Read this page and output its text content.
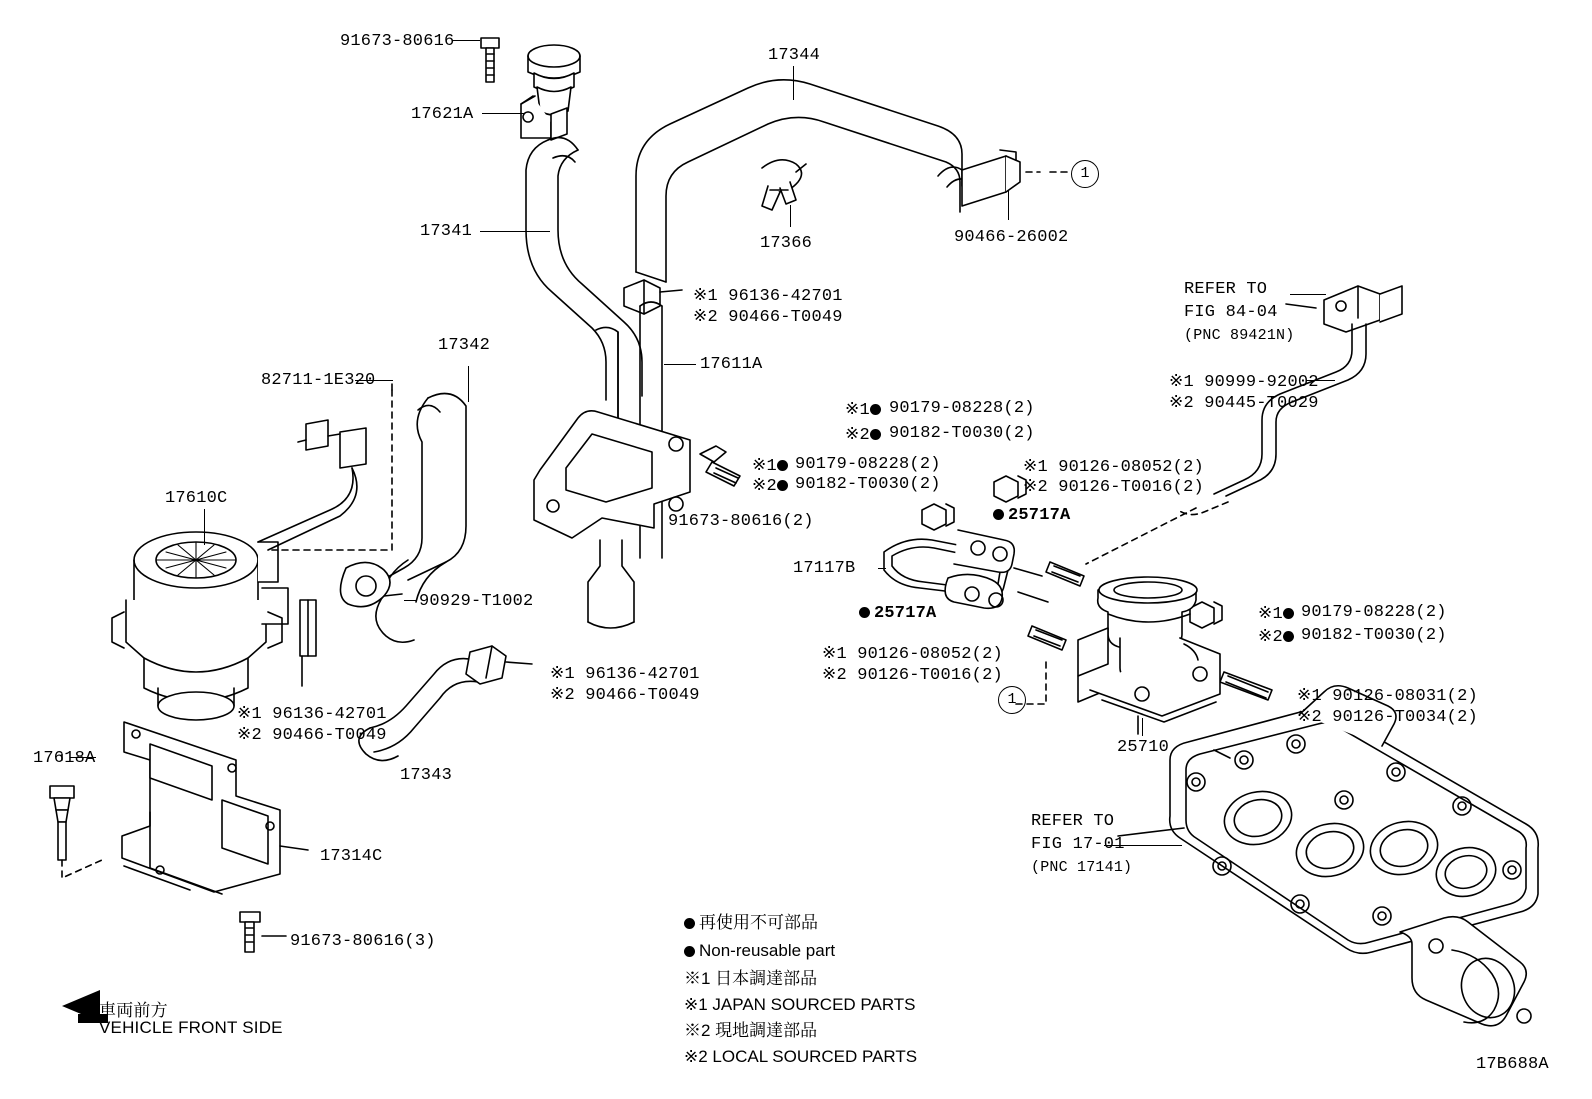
91673-80616
17621A
17344
17341
17366	90466-26002
※1 96136-42701
※2 90466-T0049
17342
17611A
82711-1E320
REFER TO
FIG 84-04
(PNC 89421N)
※1 90999-92002
※2 90445-T0029
※1	90179-08228(2)
※2	90182-T0030(2)
※1	90179-08228(2)
※2	90182-T0030(2)
※1 90126-08052(2)
※2 90126-T0016(2)
17610C
91673-80616(2)	25717A
17117B
90929-T1002
25717A	※1	90179-08228(2)
※2	90182-T0030(2)
※1 90126-08052(2)
※2 90126-T0016(2)
※1 96136-42701
※2 90466-T0049	※1 90126-08031(2)
※2 90126-T0034(2)
※1 96136-42701
※2 90466-T0049
25710
17618A
17343
REFER TO
FIG 17-01
(PNC 17141)
17314C
91673-80616(3)
1
1
再使用不可部品
Non-reusable part
※1 日本調達部品
※1 JAPAN SOURCED PARTS
※2 現地調達部品
※2 LOCAL SOURCED PARTS
車両前方
VEHICLE FRONT SIDE
17B688A
